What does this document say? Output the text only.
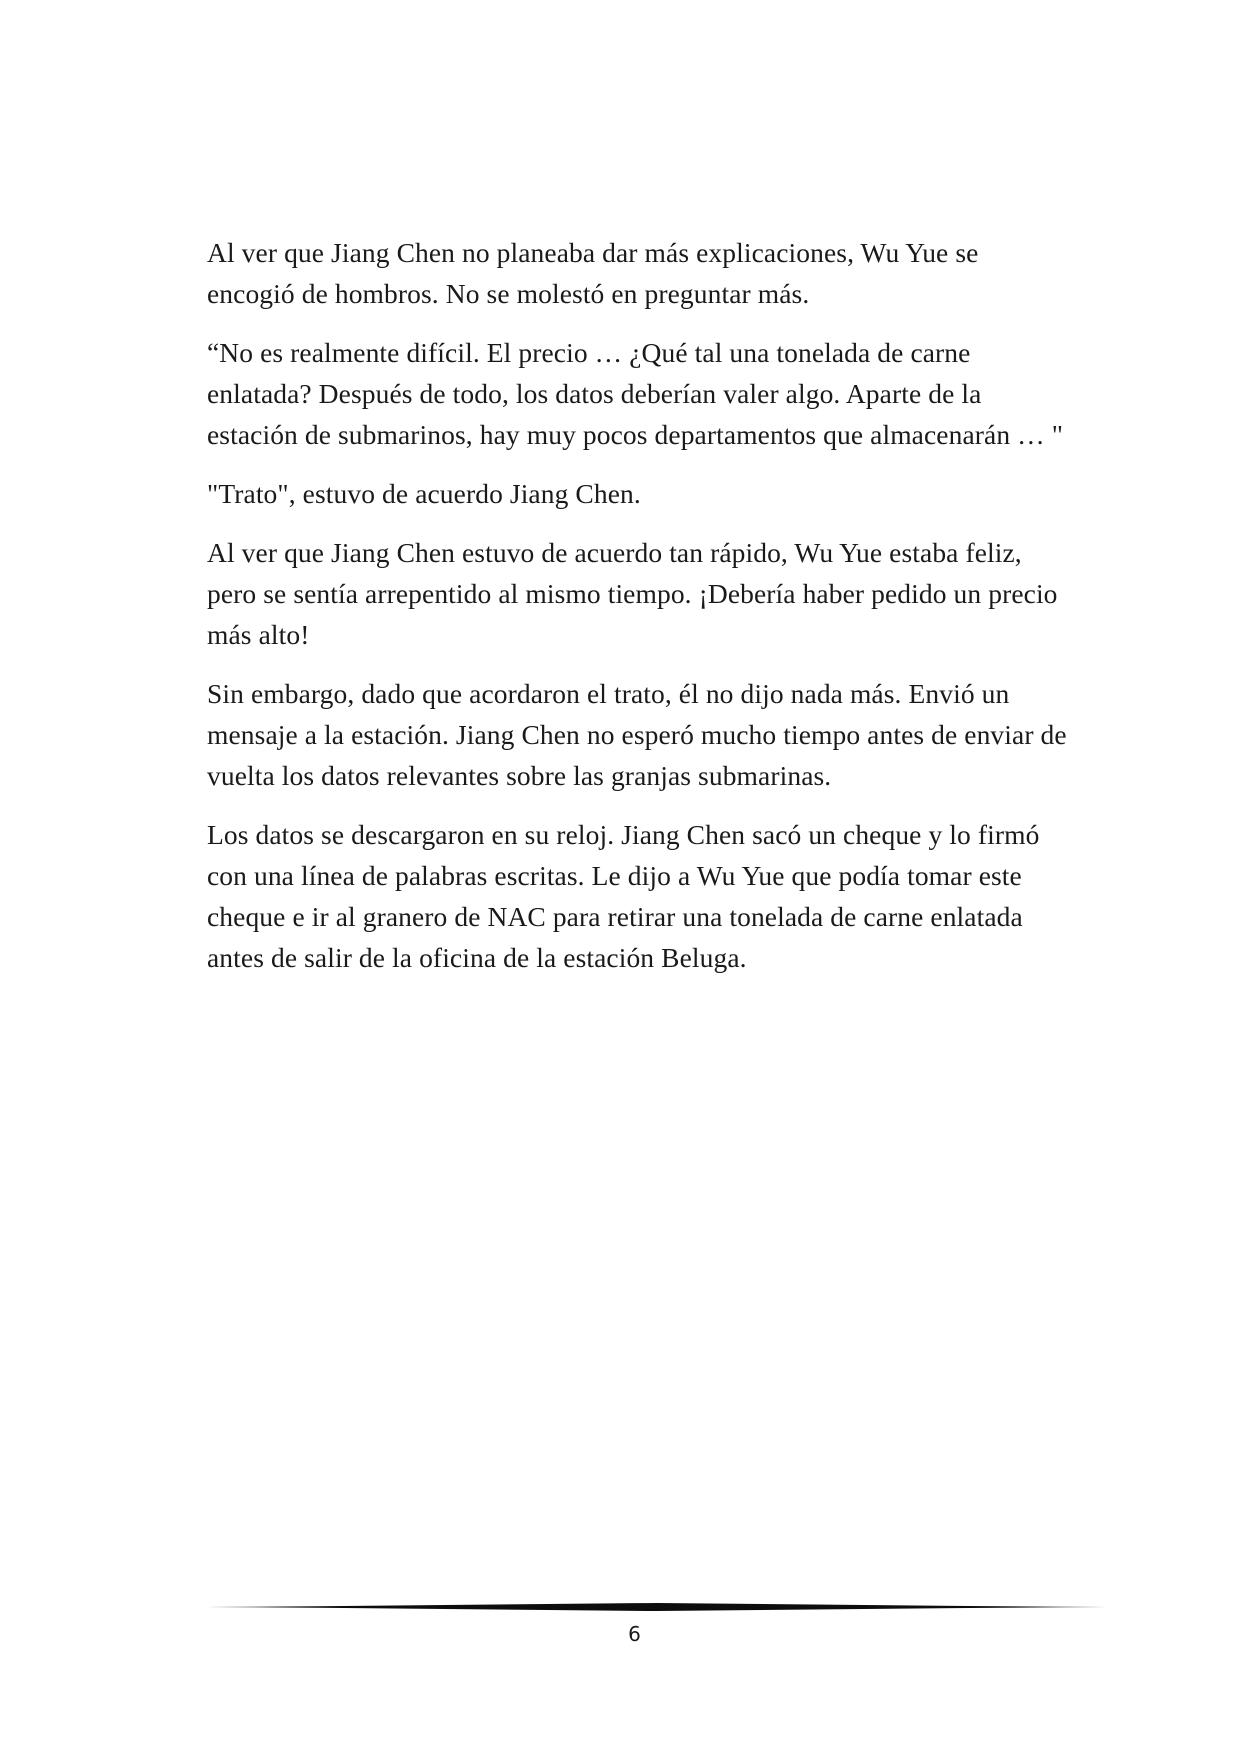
Al ver que Jiang Chen no planeaba dar más explicaciones, Wu Yue se encogió de hombros. No se molestó en preguntar más.

“No es realmente difícil. El precio … ¿Qué tal una tonelada de carne enlatada? Después de todo, los datos deberían valer algo. Aparte de la estación de submarinos, hay muy pocos departamentos que almacenarán … "

"Trato", estuvo de acuerdo Jiang Chen.

Al ver que Jiang Chen estuvo de acuerdo tan rápido, Wu Yue estaba feliz, pero se sentía arrepentido al mismo tiempo. ¡Debería haber pedido un precio más alto!

Sin embargo, dado que acordaron el trato, él no dijo nada más. Envió un mensaje a la estación. Jiang Chen no esperó mucho tiempo antes de enviar de vuelta los datos relevantes sobre las granjas submarinas.

Los datos se descargaron en su reloj. Jiang Chen sacó un cheque y lo firmó con una línea de palabras escritas. Le dijo a Wu Yue que podía tomar este cheque e ir al granero de NAC para retirar una tonelada de carne enlatada antes de salir de la oficina de la estación Beluga.

6
